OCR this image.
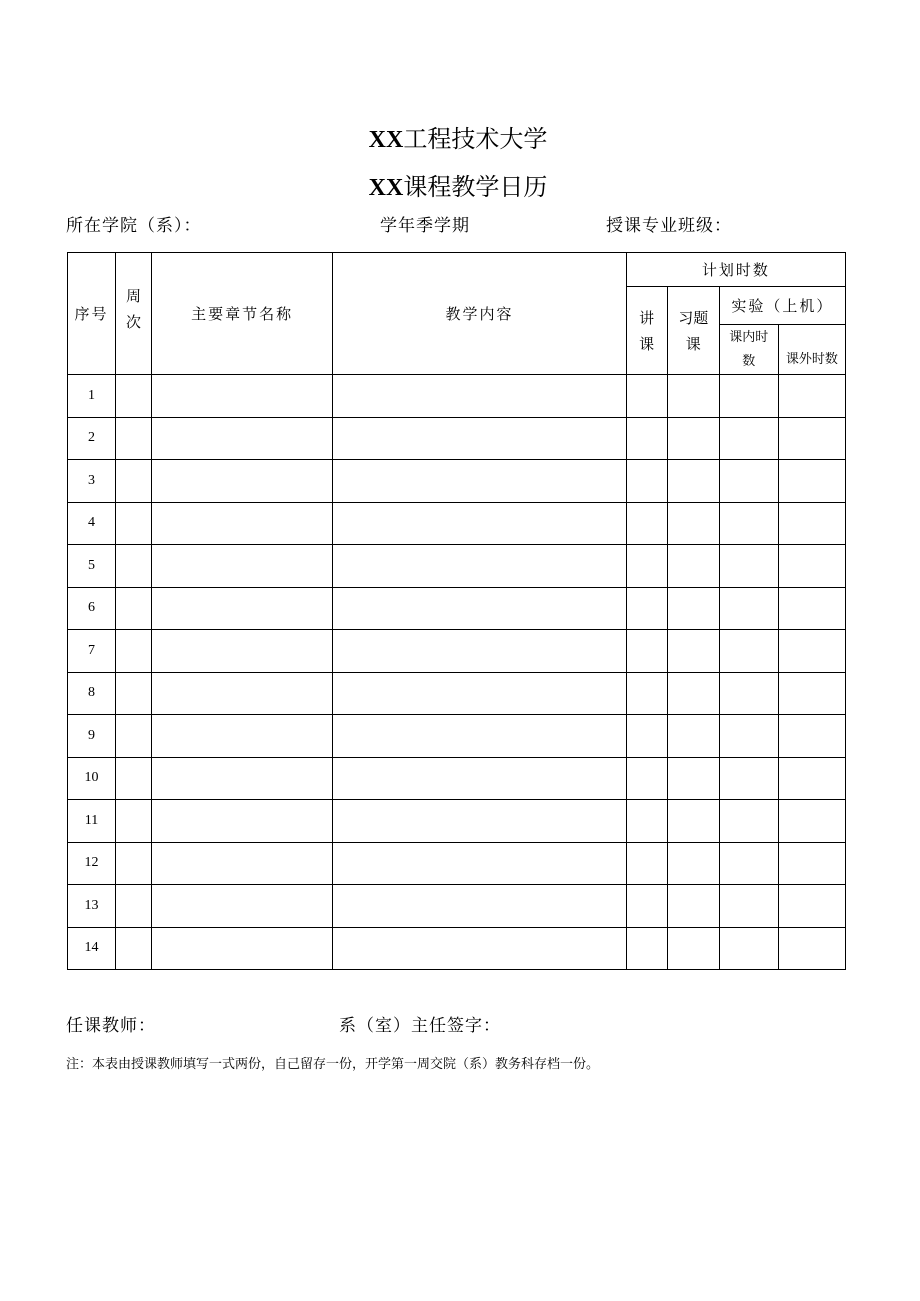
XX工程技术大学
XX课程教学日历
所在学院（系）：	学年季学期	授课专业班级：
序号	周次	主要章节名称	教学内容	计划时数			
				讲课	习题课	实验（上机）	
						课内时数	课外时数
1							
2							
3							
4							
5							
6							
7							
8							
9							
10							
11							
12							
13							
14							
任课教师：	系（室）主任签字：
注：本表由授课教师填写一式两份，自己留存一份，开学第一周交院（系）教务科存档一份。
